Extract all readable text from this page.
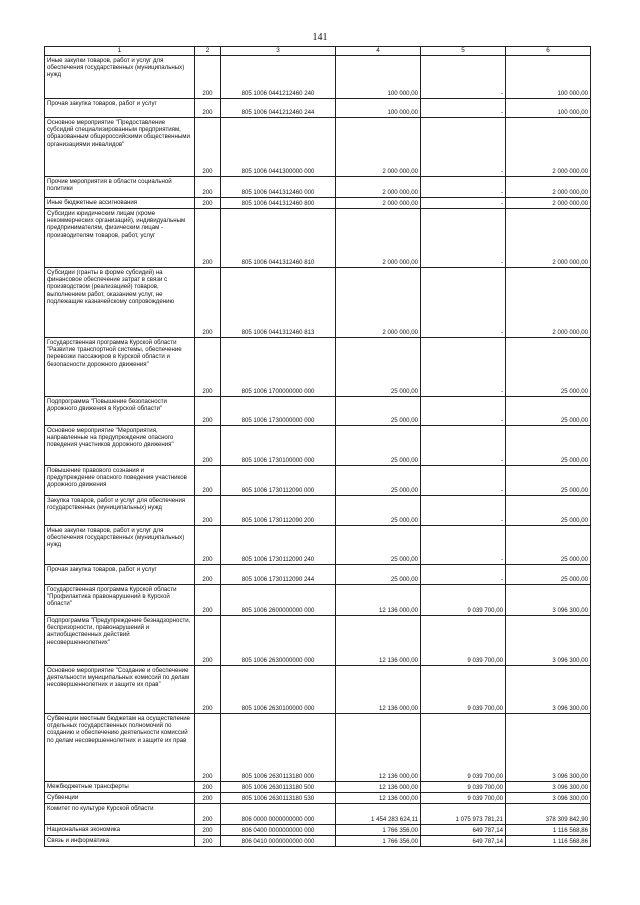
141
1	2	3	4	5	6
Иные закупки товаров, работ и услуг для обеспечения государственных (муниципальных) нужд	200	805 1006 0441212460 240	100 000,00	-	100 000,00
Прочая закупка товаров, работ и услуг	200	805 1006 0441212460 244	100 000,00	-	100 000,00
Основное мероприятие "Предоставление субсидий специализированным предприятиям, образованным общероссийскими общественными организациями инвалидов"	200	805 1006 0441300000 000	2 000 000,00	-	2 000 000,00
Прочие мероприятия в области социальной политики	200	805 1006 0441312460 000	2 000 000,00	-	2 000 000,00
Иные бюджетные ассигнования	200	805 1006 0441312460 800	2 000 000,00	-	2 000 000,00
Субсидии юридическим лицам (кроме некоммерческих организаций), индивидуальным предпринимателям, физическим лицам - производителям товаров, работ, услуг	200	805 1006 0441312460 810	2 000 000,00	-	2 000 000,00
Субсидии (гранты в форме субсидий) на финансовое обеспечение затрат в связи с производством (реализацией) товаров, выполнением работ, оказанием услуг, не подлежащие казначейскому сопровождению	200	805 1006 0441312460 813	2 000 000,00	-	2 000 000,00
Государственная программа Курской области "Развитие транспортной системы, обеспечение перевозки пассажиров в Курской области и безопасности дорожного движения"	200	805 1006 1700000000 000	25 000,00	-	25 000,00
Подпрограмма "Повышение безопасности дорожного движения в Курской области"	200	805 1006 1730000000 000	25 000,00	-	25 000,00
Основное мероприятие "Мероприятия, направленные на предупреждение опасного поведения участников дорожного движения"	200	805 1006 1730100000 000	25 000,00	-	25 000,00
Повышение правового сознания и предупреждение опасного поведения участников дорожного движения	200	805 1006 1730112090 000	25 000,00	-	25 000,00
Закупка товаров, работ и услуг для обеспечения государственных (муниципальных) нужд	200	805 1006 1730112090 200	25 000,00	-	25 000,00
Иные закупки товаров, работ и услуг для обеспечения государственных (муниципальных) нужд	200	805 1006 1730112090 240	25 000,00	-	25 000,00
Прочая закупка товаров, работ и услуг	200	805 1006 1730112090 244	25 000,00	-	25 000,00
Государственная программа Курской области "Профилактика правонарушений в Курской области"	200	805 1006 2600000000 000	12 136 000,00	9 039 700,00	3 096 300,00
Подпрограмма "Предупреждение безнадзорности, беспризорности, правонарушений и антиобщественных действий несовершеннолетних"	200	805 1006 2630000000 000	12 136 000,00	9 039 700,00	3 096 300,00
Основное мероприятие "Создание и обеспечение деятельности муниципальных комиссий по делам несовершеннолетних и защите их прав"	200	805 1006 2630100000 000	12 136 000,00	9 039 700,00	3 096 300,00
Субвенции местным бюджетам на осуществление отдельных государственных полномочий по созданию и обеспечению деятельности комиссий по делам несовершеннолетних и защите их прав	200	805 1006 2630113180 000	12 136 000,00	9 039 700,00	3 096 300,00
Межбюджетные трансферты	200	805 1006 2630113180 500	12 136 000,00	9 039 700,00	3 096 300,00
Субвенции	200	805 1006 2630113180 530	12 136 000,00	9 039 700,00	3 096 300,00
Комитет по культуре Курской области	200	806 0000 0000000000 000	1 454 283 624,11	1 075 973 781,21	378 309 842,90
Национальная экономика	200	806 0400 0000000000 000	1 766 356,00	649 787,14	1 116 568,86
Связь и информатика	200	806 0410 0000000000 000	1 766 356,00	649 787,14	1 116 568,86
